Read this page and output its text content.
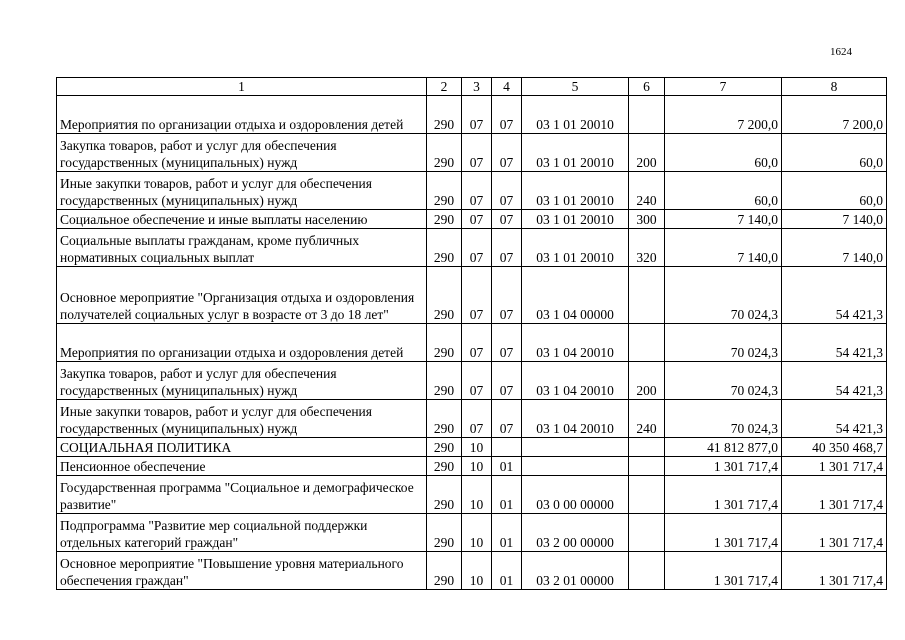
1624
1	2	3	4	5	6	7	8
Мероприятия по организации отдыха и оздоровления детей	290	07	07	03 1 01 20010		7 200,0	7 200,0
Закупка товаров, работ и услуг для обеспечения государственных (муниципальных) нужд	290	07	07	03 1 01 20010	200	60,0	60,0
Иные закупки товаров, работ и услуг для обеспечения государственных (муниципальных) нужд	290	07	07	03 1 01 20010	240	60,0	60,0
Социальное обеспечение и иные выплаты населению	290	07	07	03 1 01 20010	300	7 140,0	7 140,0
Социальные выплаты гражданам, кроме публичных нормативных социальных выплат	290	07	07	03 1 01 20010	320	7 140,0	7 140,0
Основное мероприятие "Организация отдыха и оздоровления получателей социальных услуг в возрасте от 3 до 18 лет"	290	07	07	03 1 04 00000		70 024,3	54 421,3
Мероприятия по организации отдыха и оздоровления детей	290	07	07	03 1 04 20010		70 024,3	54 421,3
Закупка товаров, работ и услуг для обеспечения государственных (муниципальных) нужд	290	07	07	03 1 04 20010	200	70 024,3	54 421,3
Иные закупки товаров, работ и услуг для обеспечения государственных (муниципальных) нужд	290	07	07	03 1 04 20010	240	70 024,3	54 421,3
СОЦИАЛЬНАЯ ПОЛИТИКА	290	10				41 812 877,0	40 350 468,7
Пенсионное обеспечение	290	10	01			1 301 717,4	1 301 717,4
Государственная программа "Социальное и демографическое развитие"	290	10	01	03 0 00 00000		1 301 717,4	1 301 717,4
Подпрограмма "Развитие мер социальной поддержки отдельных категорий граждан"	290	10	01	03 2 00 00000		1 301 717,4	1 301 717,4
Основное мероприятие "Повышение уровня материального обеспечения граждан"	290	10	01	03 2 01 00000		1 301 717,4	1 301 717,4
